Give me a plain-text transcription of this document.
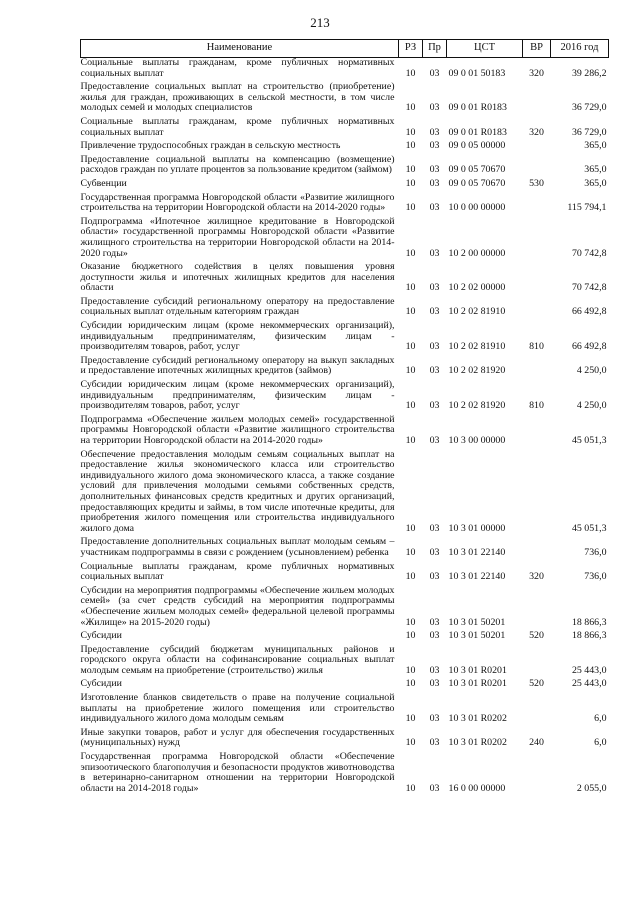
213
Наименование	РЗ	Пр	ЦСТ	ВР	2016 год
Социальные выплаты гражданам, кроме публичных нормативных социальных выплат	10	03	09 0 01 50183	320	39 286,2
Предоставление социальных выплат на строительство (приобретение) жилья для граждан, проживающих в сельской местности, в том числе молодых семей и молодых специалистов	10	03	09 0 01 R0183		36 729,0
Социальные выплаты гражданам, кроме публичных нормативных социальных выплат	10	03	09 0 01 R0183	320	36 729,0
Привлечение трудоспособных граждан в сельскую местность	10	03	09 0 05 00000		365,0
Предоставление социальной выплаты на компенсацию (возмещение) расходов граждан по уплате процентов за пользование кредитом (займом)	10	03	09 0 05 70670		365,0
Субвенции	10	03	09 0 05 70670	530	365,0
Государственная программа Новгородской области «Развитие жилищного строительства на территории Новгородской области на 2014-2020 годы»	10	03	10 0 00 00000		115 794,1
Подпрограмма «Ипотечное жилищное кредитование в Новгородской области» государственной программы Новгородской области «Развитие жилищного строительства на территории Новгородской области на 2014-2020 годы»	10	03	10 2 00 00000		70 742,8
Оказание бюджетного содействия в целях повышения уровня доступности жилья и ипотечных жилищных кредитов для населения области	10	03	10 2 02 00000		70 742,8
Предоставление субсидий региональному оператору на предоставление социальных выплат отдельным категориям граждан	10	03	10 2 02 81910		66 492,8
Субсидии юридическим лицам (кроме некоммерческих организаций), индивидуальным предпринимателям, физическим лицам - производителям товаров, работ, услуг	10	03	10 2 02 81910	810	66 492,8
Предоставление субсидий региональному оператору на выкуп закладных и предоставление ипотечных жилищных кредитов (займов)	10	03	10 2 02 81920		4 250,0
Субсидии юридическим лицам (кроме некоммерческих организаций), индивидуальным предпринимателям, физическим лицам - производителям товаров, работ, услуг	10	03	10 2 02 81920	810	4 250,0
Подпрограмма «Обеспечение жильем молодых семей» государственной программы Новгородской области «Развитие жилищного строительства на территории Новгородской области на 2014-2020 годы»	10	03	10 3 00 00000		45 051,3
Обеспечение предоставления молодым семьям социальных выплат на предоставление жилья экономического класса или строительство индивидуального жилого дома экономического класса, а также создание условий для привлечения молодыми семьями собственных средств, дополнительных финансовых средств кредитных и других организаций, предоставляющих кредиты и займы, в том числе ипотечные кредиты, для приобретения жилого помещения или строительства индивидуального жилого дома	10	03	10 3 01 00000		45 051,3
Предоставление дополнительных социальных выплат молодым семьям – участникам подпрограммы в связи с рождением (усыновлением) ребенка	10	03	10 3 01 22140		736,0
Социальные выплаты гражданам, кроме публичных нормативных социальных выплат	10	03	10 3 01 22140	320	736,0
Субсидии на мероприятия подпрограммы «Обеспечение жильем молодых семей» (за счет средств субсидий на мероприятия подпрограммы «Обеспечение жильем молодых семей» федеральной целевой программы «Жилище» на 2015-2020 годы)	10	03	10 3 01 50201		18 866,3
Субсидии	10	03	10 3 01 50201	520	18 866,3
Предоставление субсидий бюджетам муниципальных районов и городского округа области на софинансирование социальных выплат молодым семьям на приобретение (строительство) жилья	10	03	10 3 01 R0201		25 443,0
Субсидии	10	03	10 3 01 R0201	520	25 443,0
Изготовление бланков свидетельств о праве на получение социальной выплаты на приобретение жилого помещения или строительство индивидуального жилого дома молодым семьям	10	03	10 3 01 R0202		6,0
Иные закупки товаров, работ и услуг для обеспечения государственных (муниципальных) нужд	10	03	10 3 01 R0202	240	6,0
Государственная программа Новгородской области «Обеспечение эпизоотического благополучия и безопасности продуктов животноводства в ветеринарно-санитарном отношении на территории Новгородской области на 2014-2018 годы»	10	03	16 0 00 00000		2 055,0
